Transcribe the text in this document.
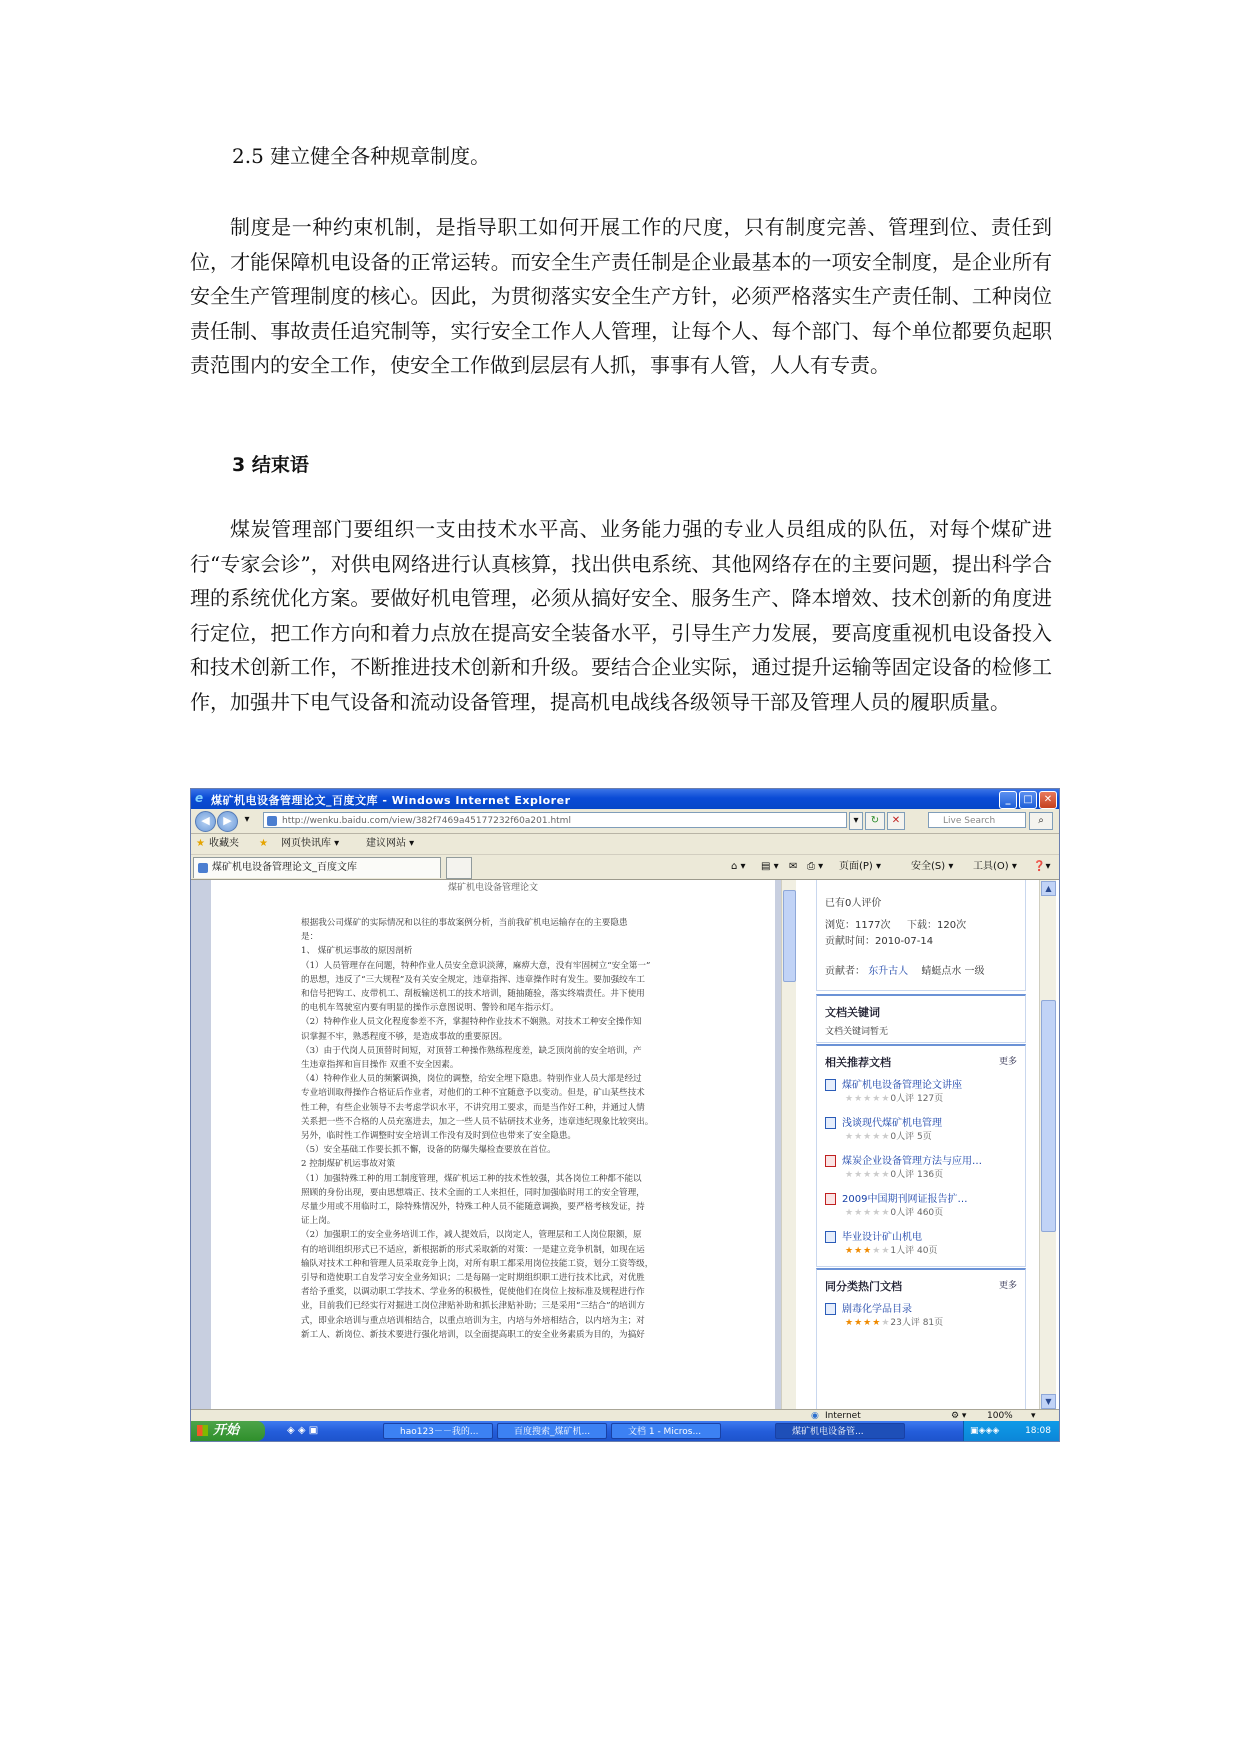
2.5 建立健全各种规章制度。
制度是一种约束机制，是指导职工如何开展工作的尺度，只有制度完善、管理到位、责任到位，才能保障机电设备的正常运转。而安全生产责任制是企业最基本的一项安全制度，是企业所有安全生产管理制度的核心。因此，为贯彻落实安全生产方针，必须严格落实生产责任制、工种岗位责任制、事故责任追究制等，实行安全工作人人管理，让每个人、每个部门、每个单位都要负起职责范围内的安全工作，使安全工作做到层层有人抓，事事有人管，人人有专责。
3 结束语
煤炭管理部门要组织一支由技术水平高、业务能力强的专业人员组成的队伍，对每个煤矿进行“专家会诊”，对供电网络进行认真核算，找出供电系统、其他网络存在的主要问题，提出科学合理的系统优化方案。要做好机电管理，必须从搞好安全、服务生产、降本增效、技术创新的角度进行定位，把工作方向和着力点放在提高安全装备水平，引导生产力发展，要高度重视机电设备投入和技术创新工作，不断推进技术创新和升级。要结合企业实际，通过提升运输等固定设备的检修工作，加强井下电气设备和流动设备管理，提高机电战线各级领导干部及管理人员的履职质量。
e 煤矿机电设备管理论文_百度文库 - Windows Internet Explorer	_	□	✕
◀	▶	▾	http://wenku.baidu.com/view/382f7469a45177232f60a201.html	▾	↻	✕	Live Search	⌕
★ 收藏夹 ★ 网页快讯库 ▾	建议网站 ▾
煤矿机电设备管理论文_百度文库	⌂ ▾ ▤ ▾ ✉ ⎙ ▾ 页面(P) ▾	安全(S) ▾ 工具(O) ▾ ❓▾
煤矿机电设备管理论文
根据我公司煤矿的实际情况和以往的事故案例分析，当前我矿机电运输存在的主要隐患
是：
1、 煤矿机运事故的原因剖析
（1）人员管理存在问题，特种作业人员安全意识淡薄，麻痹大意，没有牢固树立“安全第一”
的思想，违反了“三大规程”及有关安全规定，违章指挥、违章操作时有发生。要加强绞车工
和信号把钩工、皮带机工、刮板输送机工的技术培训，随抽随验，落实终端责任。井下使用
的电机车驾驶室内要有明显的操作示意图说明、警铃和尾车指示灯。
（2）特种作业人员文化程度参差不齐，掌握特种作业技术不娴熟。对技术工种安全操作知
识掌握不牢，熟悉程度不够，是造成事故的重要原因。
（3）由于代岗人员顶替时间短，对顶替工种操作熟练程度差，缺乏顶岗前的安全培训，产
生违章指挥和盲目操作 双重不安全因素。
（4）特种作业人员的频繁调换，岗位的调整，给安全埋下隐患。特别作业人员大部是经过
专业培训取得操作合格证后作业者，对他们的工种不宜随意予以变动。但是，矿山某些技术
性工种，有些企业领导不去考虑学识水平，不讲究用工要求，而是当作好工种，并通过人情
关系把一些不合格的人员充塞进去，加之一些人员不钻研技术业务，违章违纪现象比较突出。
另外，临时性工作调整时安全培训工作没有及时到位也带来了安全隐患。
（5）安全基础工作要长抓不懈，设备的防爆失爆检查要放在首位。
2 控制煤矿机运事故对策
（1）加强特殊工种的用工制度管理，煤矿机运工种的技术性较强，其各岗位工种都不能以
照顾的身份出现，要由思想端正、技术全面的工人来担任，同时加强临时用工的安全管理，
尽量少用或不用临时工，除特殊情况外，特殊工种人员不能随意调换，要严格考核发证，持
证上岗。
（2）加强职工的安全业务培训工作，减人提效后，以岗定人，管理层和工人岗位限额，原
有的培训组织形式已不适应，新根据新的形式采取新的对策：一是建立竞争机制，如现在运
输队对技术工种和管理人员采取竞争上岗，对所有职工都采用岗位技能工资，划分工资等级，
引导和造使职工自发学习安全业务知识；二是每隔一定时期组织职工进行技术比武，对优胜
者给予重奖，以调动职工学技术、学业务的积极性，促使他们在岗位上按标准及规程进行作
业，目前我们已经实行对掘进工岗位津贴补助和抓长津贴补助；三是采用“三结合”的培训方
式，即业余培训与重点培训相结合，以重点培训为主，内培与外培相结合，以内培为主；对
新工人、新岗位、新技术要进行强化培训，以全面提高职工的安全业务素质为目的，为搞好
已有0人评价
浏览：1177次 下载：120次
贡献时间：2010-07-14
贡献者： 东升古人 蜻蜓点水 一级
文档关键词
文档关键词暂无
相关推荐文档	更多
煤矿机电设备管理论文讲座
★★★★★0人评 127页
浅谈现代煤矿机电管理
★★★★★0人评 5页
煤炭企业设备管理方法与应用…
★★★★★0人评 136页
2009中国期刊网证报告扩…
★★★★★0人评 460页
毕业设计矿山机电
★★★★★1人评 40页
同分类热门文档	更多
剧毒化学品目录
★★★★★23人评 81页
▲
▼
◉ Internet	⚙ ▾ 100% ▾
开始	◈ ◈ ▣	hao123－－我的...	百度搜索_煤矿机...	文档 1 - Micros...	煤矿机电设备管...	▣◈◈◈	18:08
